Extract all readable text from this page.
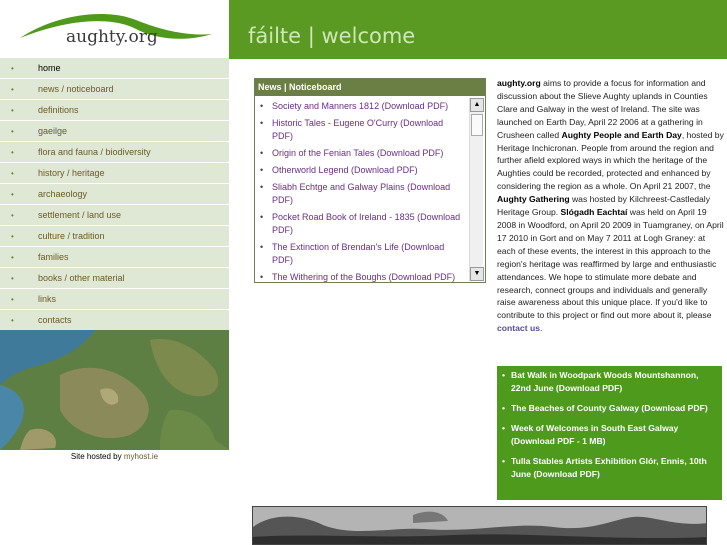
aughty.org
•	home
•	news / noticeboard
•	definitions
•	gaeilge
•	flora and fauna / biodiversity
•	history / heritage
•	archaeology
•	settlement / land use
•	culture / tradition
•	families
•	books / other material
•	links
•	contacts
Site hosted by myhost.ie
fáilte | welcome
News | Noticeboard
• Society and Manners 1812 (Download PDF)
• Historic Tales - Eugene O'Curry (Download PDF)
• Origin of the Fenian Tales (Download PDF)
• Otherworld Legend (Download PDF)
• Sliabh Echtge and Galway Plains (Download PDF)
• Pocket Road Book of Ireland - 1835 (Download PDF)
• The Extinction of Brendan's Life (Download PDF)
• The Withering of the Boughs (Download PDF)
▲
▼
aughty.org aims to provide a focus for information and discussion about the Slieve Aughty uplands in Counties Clare and Galway in the west of Ireland. The site was launched on Earth Day, April 22 2006 at a gathering in Crusheen called Aughty People and Earth Day, hosted by Heritage Inchicronan. People from around the region and further afield explored ways in which the heritage of the Aughties could be recorded, protected and enhanced by considering the region as a whole. On April 21 2007, the Aughty Gathering was hosted by Kilchreest-Castledaly Heritage Group. Slógadh Eachtaí was held on April 19 2008 in Woodford, on April 20 2009 in Tuamgraney, on April 17 2010 in Gort and on May 7 2011 at Logh Graney: at each of these events, the interest in this approach to the region's heritage was reaffirmed by large and enthusiastic attendances. We hope to stimulate more debate and research, connect groups and individuals and generally raise awareness about this unique place. If you'd like to contribute to this project or find out more about it, please contact us.
• Bat Walk in Woodpark Woods Mountshannon, 22nd June (Download PDF)
• The Beaches of County Galway (Download PDF)
• Week of Welcomes in South East Galway (Download PDF - 1 MB)
• Tulla Stables Artists Exhibition Glór, Ennis, 10th June (Download PDF)
